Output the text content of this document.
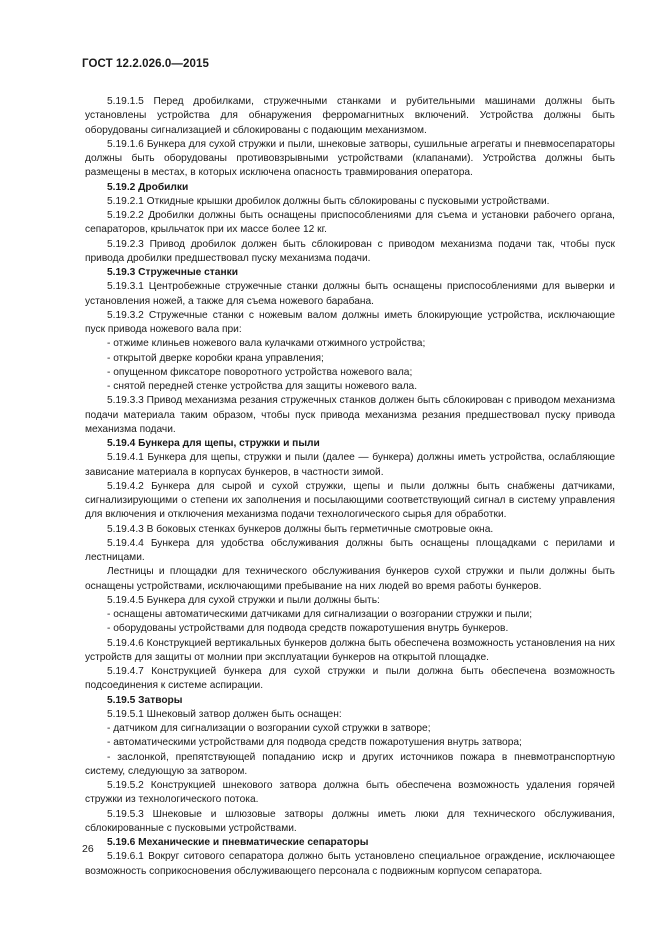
ГОСТ 12.2.026.0—2015

5.19.1.5 Перед дробилками, стружечными станками и рубительными машинами должны быть установлены устройства для обнаружения ферромагнитных включений. Устройства должны быть оборудованы сигнализацией и сблокированы с подающим механизмом.

5.19.1.6 Бункера для сухой стружки и пыли, шнековые затворы, сушильные агрегаты и пневмосепараторы должны быть оборудованы противовзрывными устройствами (клапанами). Устройства должны быть размещены в местах, в которых исключена опасность травмирования оператора.

5.19.2 Дробилки

5.19.2.1 Откидные крышки дробилок должны быть сблокированы с пусковыми устройствами.

5.19.2.2 Дробилки должны быть оснащены приспособлениями для съема и установки рабочего органа, сепараторов, крыльчаток при их массе более 12 кг.

5.19.2.3 Привод дробилок должен быть сблокирован с приводом механизма подачи так, чтобы пуск привода дробилки предшествовал пуску механизма подачи.

5.19.3 Стружечные станки

5.19.3.1 Центробежные стружечные станки должны быть оснащены приспособлениями для выверки и установления ножей, а также для съема ножевого барабана.

5.19.3.2 Стружечные станки с ножевым валом должны иметь блокирующие устройства, исключающие пуск привода ножевого вала при:

- отжиме клиньев ножевого вала кулачками отжимного устройства;

- открытой дверке коробки крана управления;

- опущенном фиксаторе поворотного устройства ножевого вала;

- снятой передней стенке устройства для защиты ножевого вала.

5.19.3.3 Привод механизма резания стружечных станков должен быть сблокирован с приводом механизма подачи материала таким образом, чтобы пуск привода механизма резания предшествовал пуску привода механизма подачи.

5.19.4 Бункера для щепы, стружки и пыли

5.19.4.1 Бункера для щепы, стружки и пыли (далее — бункера) должны иметь устройства, ослабляющие зависание материала в корпусах бункеров, в частности зимой.

5.19.4.2 Бункера для сырой и сухой стружки, щепы и пыли должны быть снабжены датчиками, сигнализирующими о степени их заполнения и посылающими соответствующий сигнал в систему управления для включения и отключения механизма подачи технологического сырья для обработки.

5.19.4.3 В боковых стенках бункеров должны быть герметичные смотровые окна.

5.19.4.4 Бункера для удобства обслуживания должны быть оснащены площадками с перилами и лестницами.

Лестницы и площадки для технического обслуживания бункеров сухой стружки и пыли должны быть оснащены устройствами, исключающими пребывание на них людей во время работы бункеров.

5.19.4.5 Бункера для сухой стружки и пыли должны быть:

- оснащены автоматическими датчиками для сигнализации о возгорании стружки и пыли;

- оборудованы устройствами для подвода средств пожаротушения внутрь бункеров.

5.19.4.6 Конструкцией вертикальных бункеров должна быть обеспечена возможность установления на них устройств для защиты от молнии при эксплуатации бункеров на открытой площадке.

5.19.4.7 Конструкцией бункера для сухой стружки и пыли должна быть обеспечена возможность подсоединения к системе аспирации.

5.19.5 Затворы

5.19.5.1 Шнековый затвор должен быть оснащен:

- датчиком для сигнализации о возгорании сухой стружки в затворе;

- автоматическими устройствами для подвода средств пожаротушения внутрь затвора;

- заслонкой, препятствующей попаданию искр и других источников пожара в пневмотранспортную систему, следующую за затвором.

5.19.5.2 Конструкцией шнекового затвора должна быть обеспечена возможность удаления горячей стружки из технологического потока.

5.19.5.3 Шнековые и шлюзовые затворы должны иметь люки для технического обслуживания, сблокированные с пусковыми устройствами.

5.19.6 Механические и пневматические сепараторы

5.19.6.1 Вокруг ситового сепаратора должно быть установлено специальное ограждение, исключающее возможность соприкосновения обслуживающего персонала с подвижным корпусом сепаратора.

26
